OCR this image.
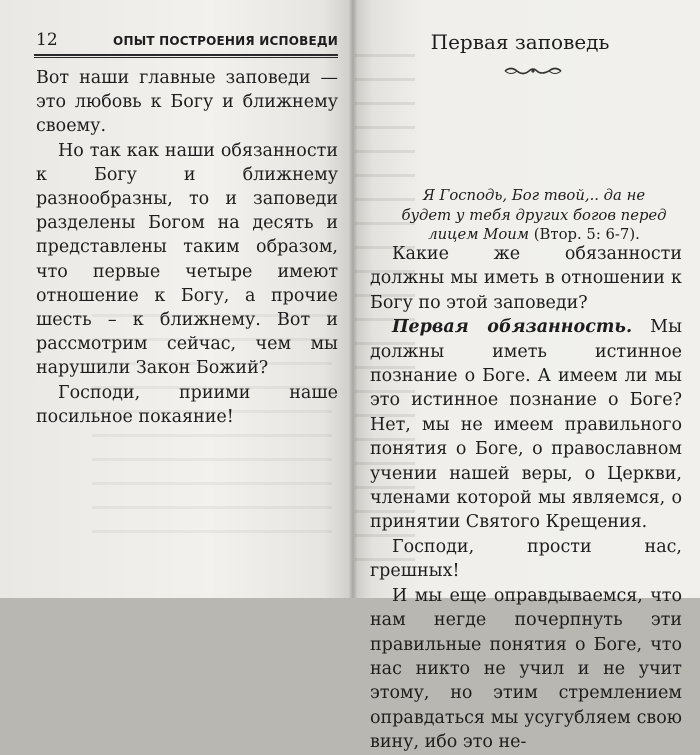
12	ОПЫТ ПОСТРОЕНИЯ ИСПОВЕДИ

Вот наши главные заповеди — это любовь к Богу и ближнему своему.

Но так как наши обязанности к Богу и ближнему разнообразны, то и заповеди разделены Богом на десять и представлены таким образом, что первые четыре имеют отношение к Богу, а прочие шесть – к ближнему. Вот и рассмотрим сейчас, чем мы нарушили Закон Божий?

Господи, приими наше посильное покаяние!

Первая заповедь
Я Господь, Бог твой,.. да не будет у тебя других богов перед лицем Моим (Втор. 5: 6-7).

Какие же обязанности должны мы иметь в отношении к Богу по этой заповеди?

Первая обязанность. Мы должны иметь истинное познание о Боге. А имеем ли мы это истинное познание о Боге? Нет, мы не имеем правильного понятия о Боге, о православном учении нашей веры, о Церкви, членами которой мы являемся, о принятии Святого Крещения.

Господи, прости нас, грешных!

И мы еще оправдываемся, что нам негде почерпнуть эти правильные понятия о Боге, что нас никто не учил и не учит этому, но этим стремлением оправдаться мы усугубляем свою вину, ибо это не-
